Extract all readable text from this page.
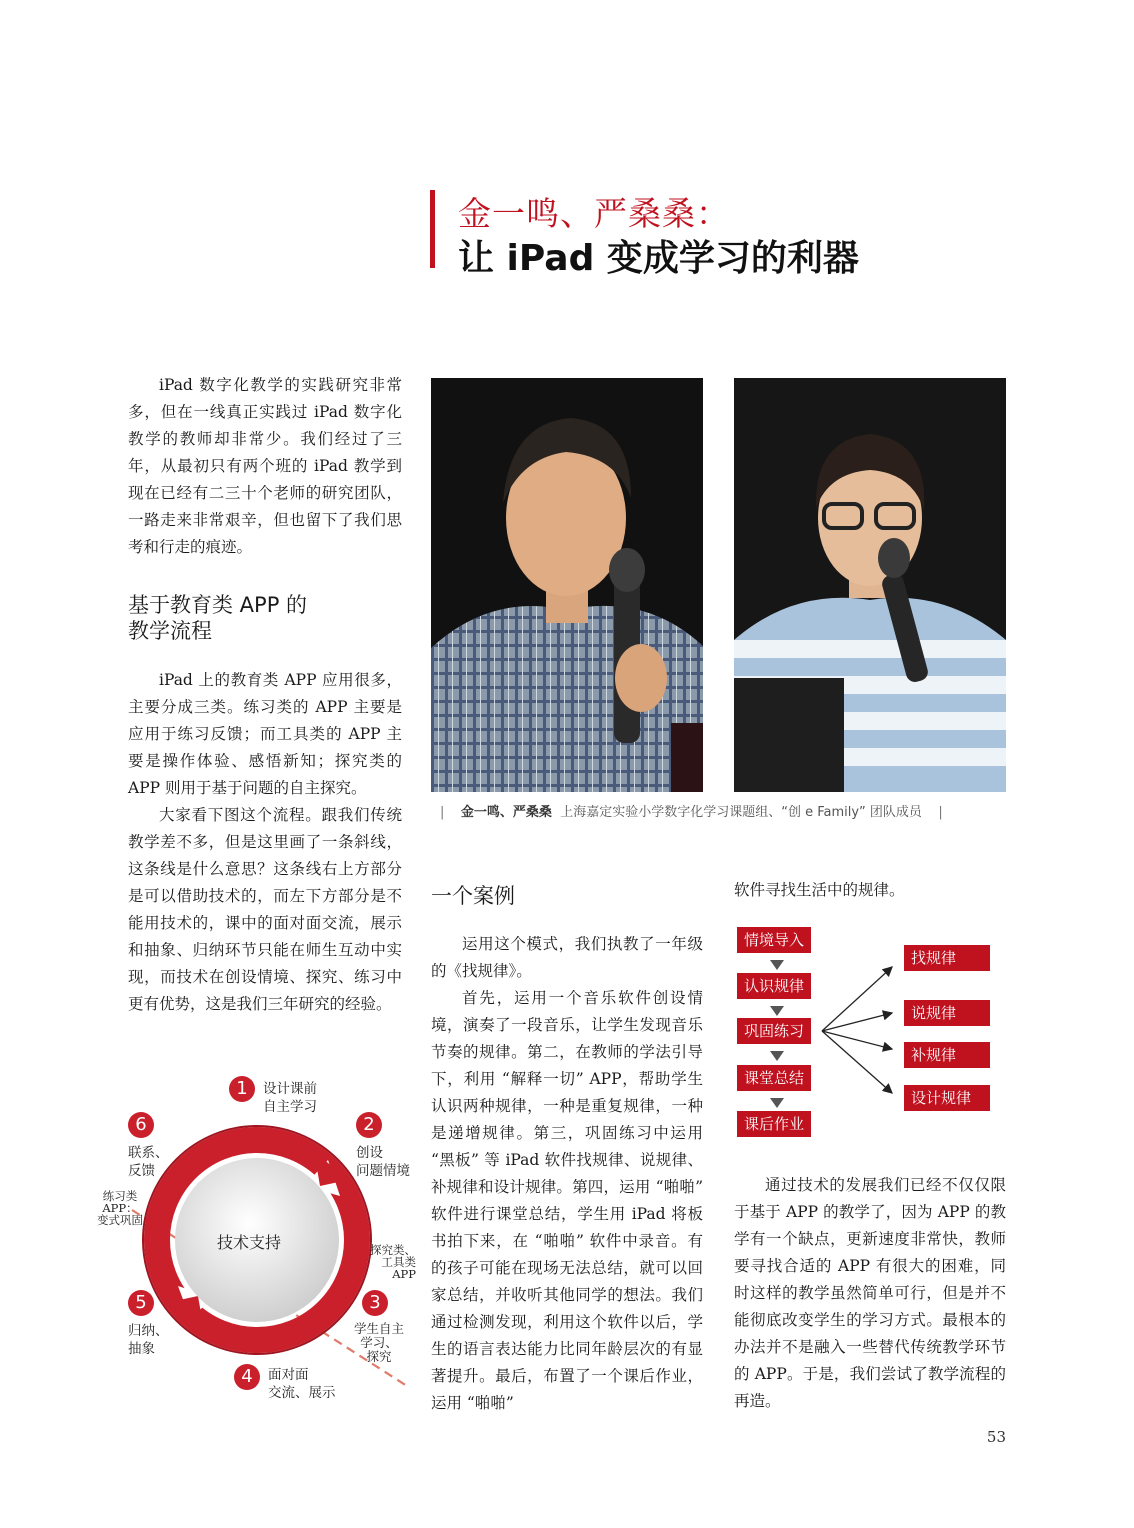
金一鸣、严桑桑：
让 iPad 变成学习的利器

iPad 数字化教学的实践研究非常多，但在一线真正实践过 iPad 数字化教学的教师却非常少。我们经过了三年，从最初只有两个班的 iPad 教学到现在已经有二三十个老师的研究团队，一路走来非常艰辛，但也留下了我们思考和行走的痕迹。

基于教育类 APP 的
教学流程

iPad 上的教育类 APP 应用很多，主要分成三类。练习类的 APP 主要是应用于练习反馈；而工具类的 APP 主要是操作体验、感悟新知；探究类的 APP 则用于基于问题的自主探究。

大家看下图这个流程。跟我们传统教学差不多，但是这里画了一条斜线，这条线是什么意思？这条线右上方部分是可以借助技术的，而左下方部分是不能用技术的，课中的面对面交流，展示和抽象、归纳环节只能在师生互动中实现，而技术在创设情境、探究、练习中更有优势，这是我们三年研究的经验。

|    金一鸣、严桑桑 上海嘉定实验小学数字化学习课题组、“创 e Family” 团队成员    |
一个案例

运用这个模式，我们执教了一年级的《找规律》。

首先，运用一个音乐软件创设情境，演奏了一段音乐，让学生发现音乐节奏的规律。第二，在教师的学法引导下，利用 “解释一切” APP，帮助学生认识两种规律，一种是重复规律，一种是递增规律。第三，巩固练习中运用 “黑板” 等 iPad 软件找规律、说规律、补规律和设计规律。第四，运用 “啪啪” 软件进行课堂总结，学生用 iPad 将板书拍下来，在 “啪啪” 软件中录音。有的孩子可能在现场无法总结，就可以回家总结，并收听其他同学的想法。我们通过检测发现，利用这个软件以后，学生的语言表达能力比同年龄层次的有显著提升。最后，布置了一个课后作业，运用 “啪啪”

软件寻找生活中的规律。
情境导入
认识规律
巩固练习
课堂总结
课后作业
找规律
说规律
补规律
设计规律

通过技术的发展我们已经不仅仅限于基于 APP 的教学了，因为 APP 的教学有一个缺点，更新速度非常快，教师要寻找合适的 APP 有很大的困难，同时这样的教学虽然简单可行，但是并不能彻底改变学生的学习方式。最根本的办法并不是融入一些替代传统教学环节的 APP。于是，我们尝试了教学流程的再造。

技术支持
1	设计课前
自主学习
2
创设
问题情境
探究类、
工具类
APP
3
学生自主
学习、
探究
4	面对面
交流、展示
5
归纳、
抽象
6
联系、
反馈
练习类
APP：
变式巩固
53
